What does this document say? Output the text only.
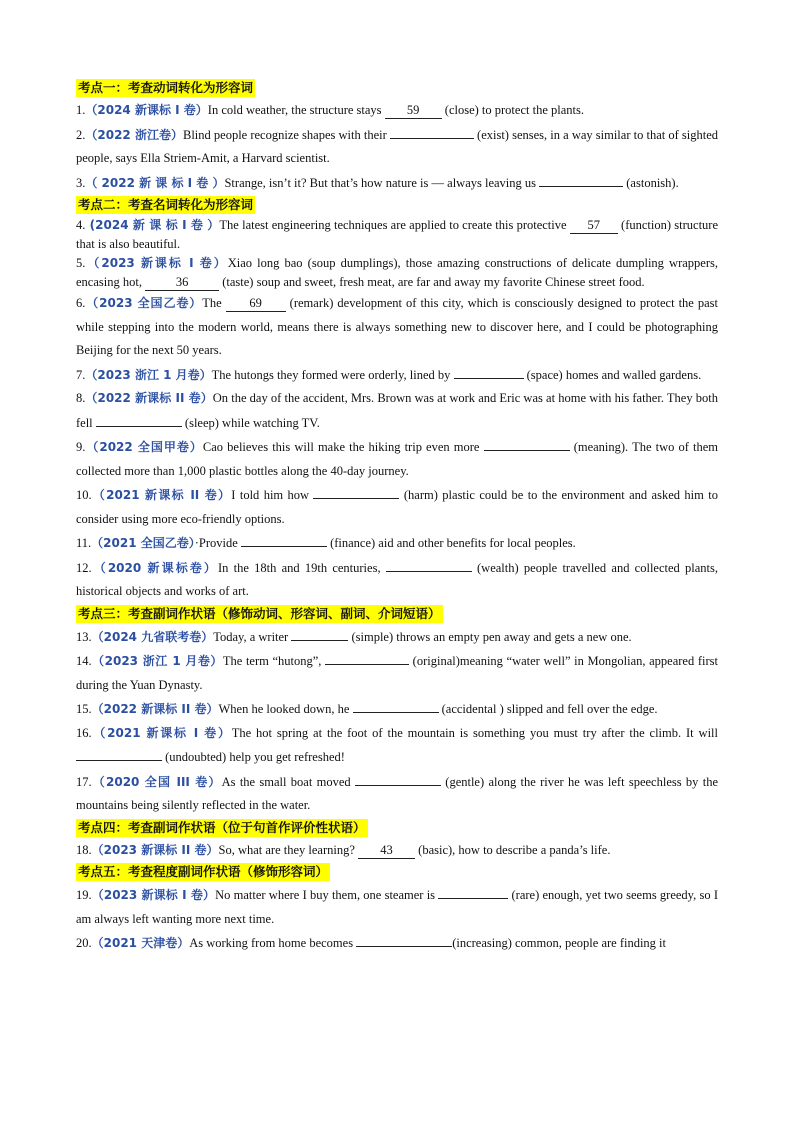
考点一：考查动词转化为形容词

1.（2024 新课标 I 卷）In cold weather, the structure stays 59 (close) to protect the plants.

2.（2022 浙江卷）Blind people recognize shapes with their	(exist) senses, in a way similar to that of sighted people, says Ella Striem-Amit, a Harvard scientist.

3.（ 2022 新 课 标 I 卷 ）Strange, isn’t it? But that’s how nature is — always leaving us	(astonish).

考点二：考查名词转化为形容词

4. (2024 新 课 标 I 卷 ）The latest engineering techniques are applied to create this protective 57 (function) structure that is also beautiful.

5.（2023 新课标 I 卷）Xiao long bao (soup dumplings), those amazing constructions of delicate dumpling wrappers, encasing hot, 36 (taste) soup and sweet, fresh meat, are far and away my favorite Chinese street food.

6.（2023 全国乙卷）The 69 (remark) development of this city, which is consciously designed to protect the past while stepping into the modern world, means there is always something new to discover here, and I could be photographing Beijing for the next 50 years.

7.（2023 浙江 1 月卷）The hutongs they formed were orderly, lined by	(space) homes and walled gardens.

8.（2022 新课标 II 卷）On the day of the accident, Mrs. Brown was at work and Eric was at home with his father. They both fell	(sleep) while watching TV.

9.（2022 全国甲卷）Cao believes this will make the hiking trip even more	(meaning). The two of them collected more than 1,000 plastic bottles along the 40-day journey.

10.（2021 新课标 II 卷）I told him how	(harm) plastic could be to the environment and asked him to consider using more eco-friendly options.

11.（2021 全国乙卷）·Provide	(finance) aid and other benefits for local peoples.

12.（2020 新课标卷）In the 18th and 19th centuries,	(wealth) people travelled and collected plants, historical objects and works of art.

考点三：考查副词作状语（修饰动词、形容词、副词、介词短语）

13.（2024 九省联考卷）Today, a writer	(simple) throws an empty pen away and gets a new one.

14.（2023 浙江 1 月卷）The term “hutong”,	(original)meaning “water well” in Mongolian, appeared first during the Yuan Dynasty.

15.（2022 新课标 II 卷）When he looked down, he	(accidental ) slipped and fell over the edge.

16.（2021 新课标 I 卷）The hot spring at the foot of the mountain is something you must try after the climb. It will  (undoubted) help you get refreshed!

17.（2020 全国 III 卷）As the small boat moved	(gentle) along the river he was left speechless by the mountains being silently reflected in the water.

考点四：考查副词作状语（位于句首作评价性状语）

18.（2023 新课标 II 卷）So, what are they learning? 43 (basic), how to describe a panda’s life.

考点五：考查程度副词作状语（修饰形容词）

19.（2023 新课标 I 卷）No matter where I buy them, one steamer is	(rare) enough, yet two seems greedy, so I am always left wanting more next time.

20.（2021 天津卷）As working from home becomes	(increasing) common, people are finding it
